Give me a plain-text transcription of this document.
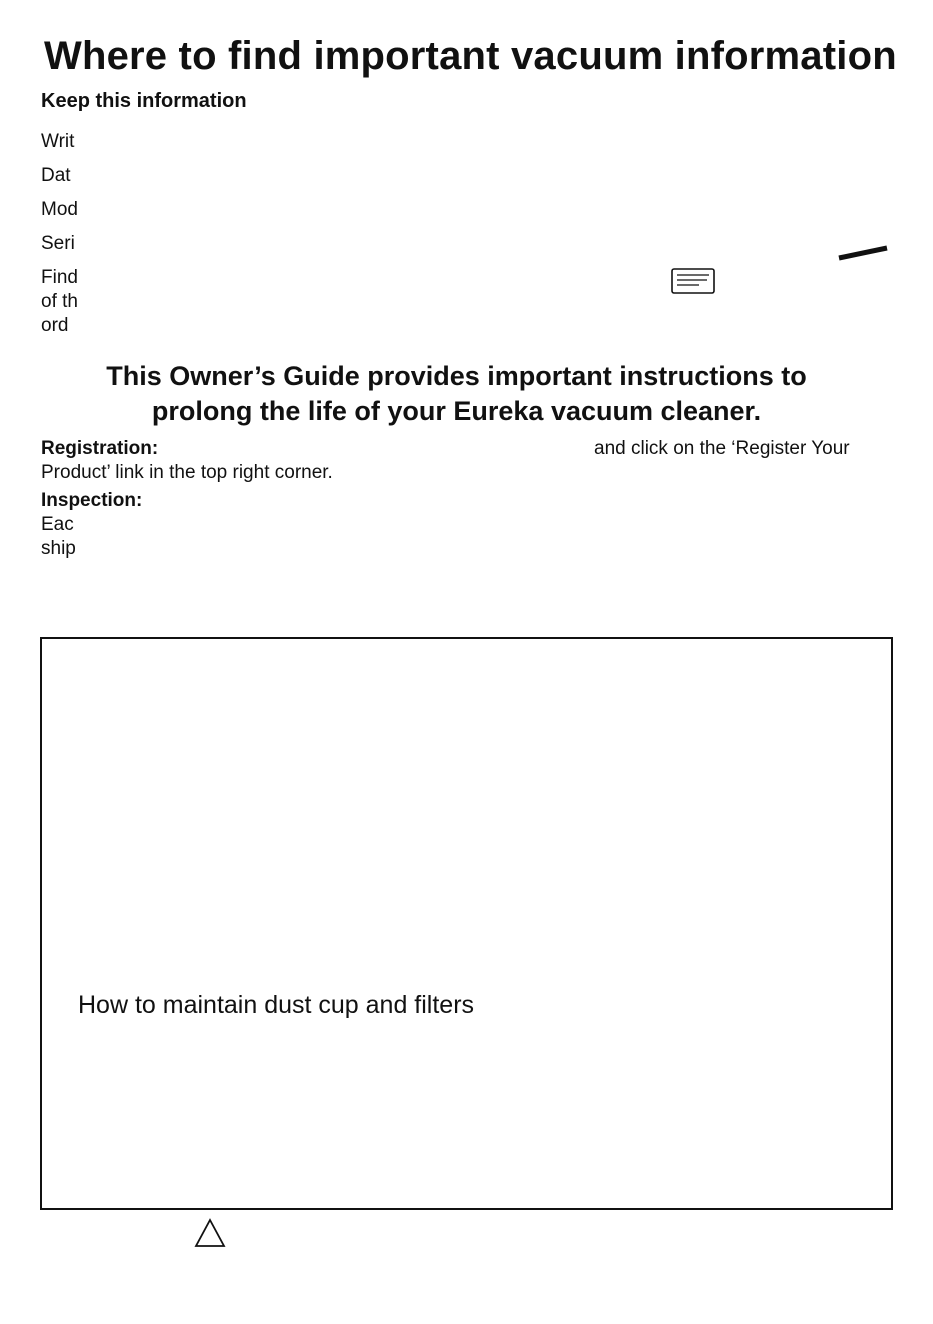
Where to find important vacuum information
Keep this information
Writ
Dat
Mod
Seri
Find
of th
ord
This Owner’s Guide provides important instructions to
prolong the life of your Eureka vacuum cleaner.
Registration:	and click on the ‘Register Your
Product’ link in the top right corner.
Inspection:
Eac
ship
How to maintain dust cup and filters
